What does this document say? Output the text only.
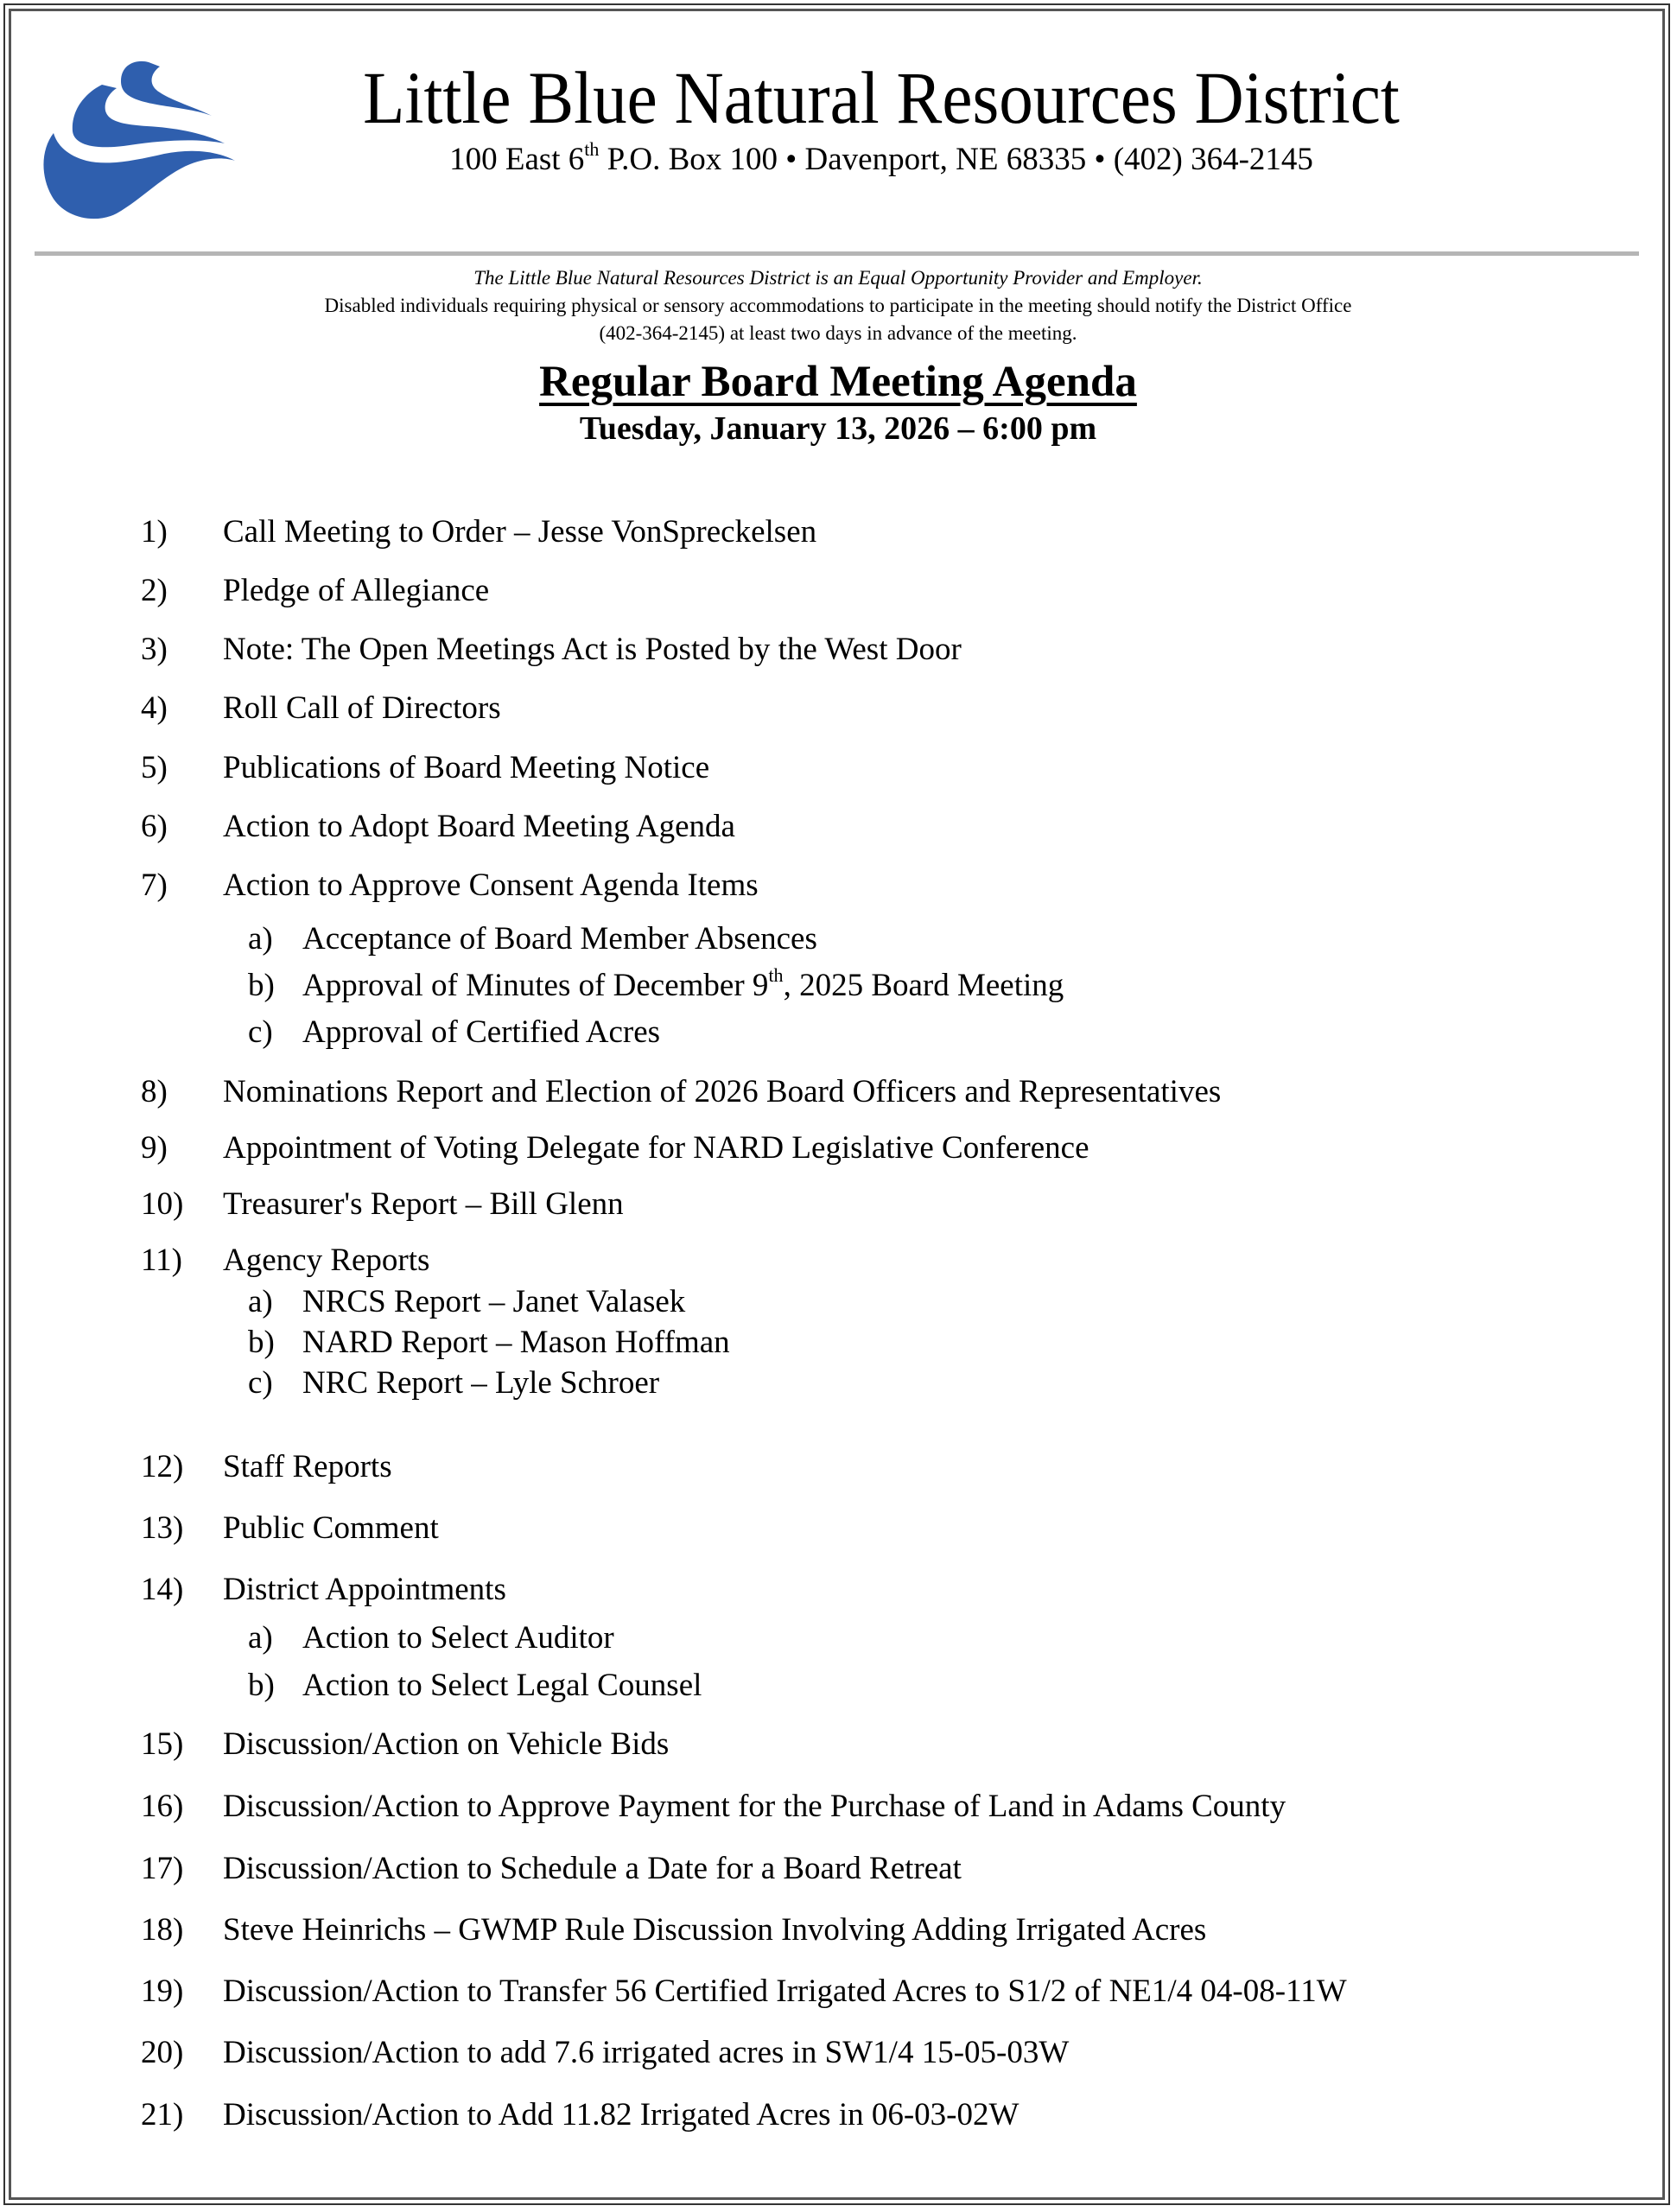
Little Blue Natural Resources District
100 East 6th P.O. Box 100 • Davenport, NE 68335 • (402) 364-2145
The Little Blue Natural Resources District is an Equal Opportunity Provider and Employer.
Disabled individuals requiring physical or sensory accommodations to participate in the meeting should notify the District Office
(402-364-2145) at least two days in advance of the meeting.
Regular Board Meeting Agenda
Tuesday, January 13, 2026 – 6:00 pm
1)	Call Meeting to Order – Jesse VonSpreckelsen
2)	Pledge of Allegiance
3)	Note: The Open Meetings Act is Posted by the West Door
4)	Roll Call of Directors
5)	Publications of Board Meeting Notice
6)	Action to Adopt Board Meeting Agenda
7)	Action to Approve Consent Agenda Items
a) Acceptance of Board Member Absences
b) Approval of Minutes of December 9th, 2025 Board Meeting
c) Approval of Certified Acres
8)	Nominations Report and Election of 2026 Board Officers and Representatives
9)	Appointment of Voting Delegate for NARD Legislative Conference
10)	Treasurer's Report – Bill Glenn
11)	Agency Reports
a) NRCS Report – Janet Valasek
b) NARD Report – Mason Hoffman
c) NRC Report – Lyle Schroer
12)	Staff Reports
13)	Public Comment
14)	District Appointments
a) Action to Select Auditor
b) Action to Select Legal Counsel
15)	Discussion/Action on Vehicle Bids
16)	Discussion/Action to Approve Payment for the Purchase of Land in Adams County
17)	Discussion/Action to Schedule a Date for a Board Retreat
18)	Steve Heinrichs – GWMP Rule Discussion Involving Adding Irrigated Acres
19)	Discussion/Action to Transfer 56 Certified Irrigated Acres to S1/2 of NE1/4 04-08-11W
20)	Discussion/Action to add 7.6 irrigated acres in SW1/4 15-05-03W
21)	Discussion/Action to Add 11.82 Irrigated Acres in 06-03-02W
